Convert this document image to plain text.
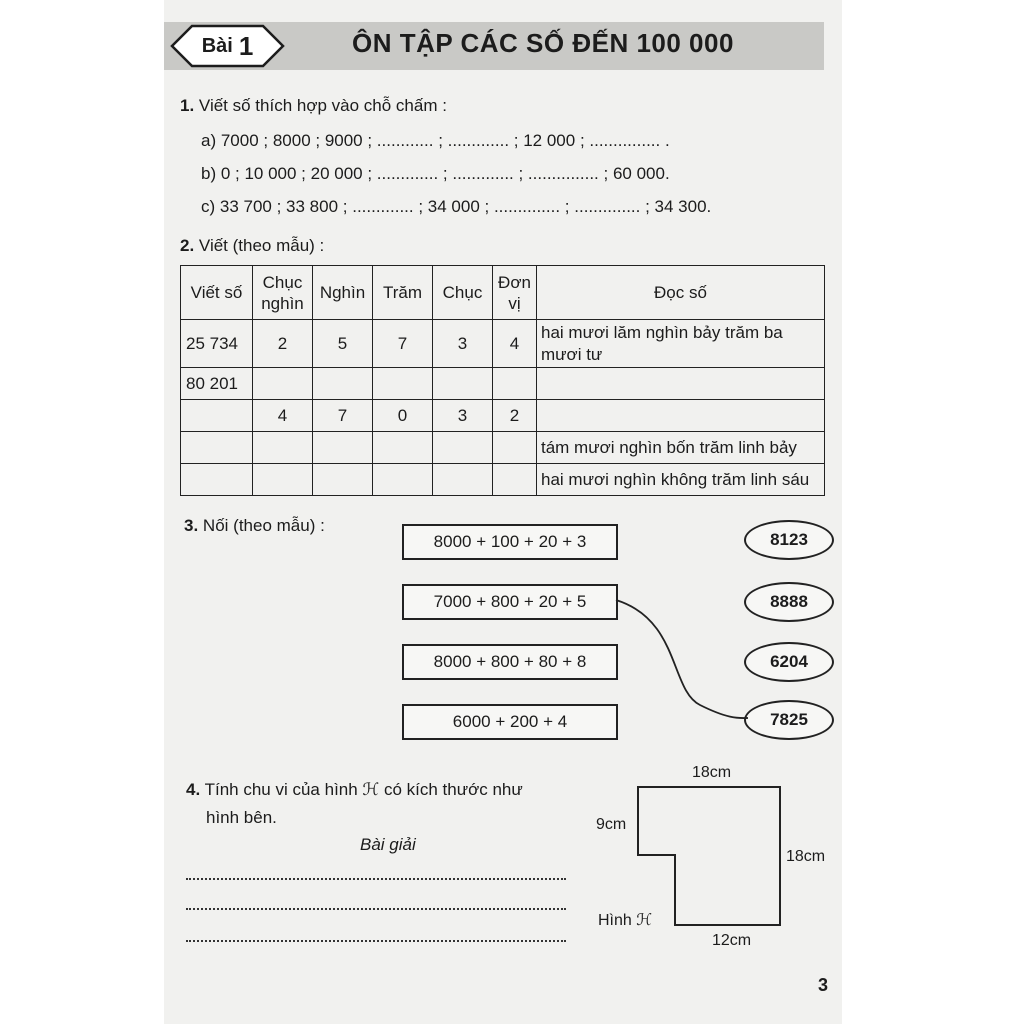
Bài 1	ÔN TẬP CÁC SỐ ĐẾN 100 000
1. Viết số thích hợp vào chỗ chấm :
a) 7000 ; 8000 ; 9000 ; ............ ; ............. ; 12 000 ; ............... .
b) 0 ; 10 000 ; 20 000 ; ............. ; ............. ; ............... ; 60 000.
c) 33 700 ; 33 800 ; ............. ; 34 000 ; .............. ; .............. ; 34 300.
2. Viết (theo mẫu) :
Viết số	Chục nghìn	Nghìn	Trăm	Chục	Đơn vị	Đọc số
25 734	2	5	7	3	4	hai mươi lăm nghìn bảy trăm ba mươi tư
80 201						
	4	7	0	3	2	
						tám mươi nghìn bốn trăm linh bảy
						hai mươi nghìn không trăm linh sáu
3. Nối (theo mẫu) :
8000 + 100 + 20 + 3
7000 + 800 + 20 + 5
8000 + 800 + 80 + 8
6000 + 200 + 4
8123
8888
6204
7825
4. Tính chu vi của hình ℋ có kích thước như
hình bên.
Bài giải
18cm
9cm
18cm
12cm
Hình ℋ
3
